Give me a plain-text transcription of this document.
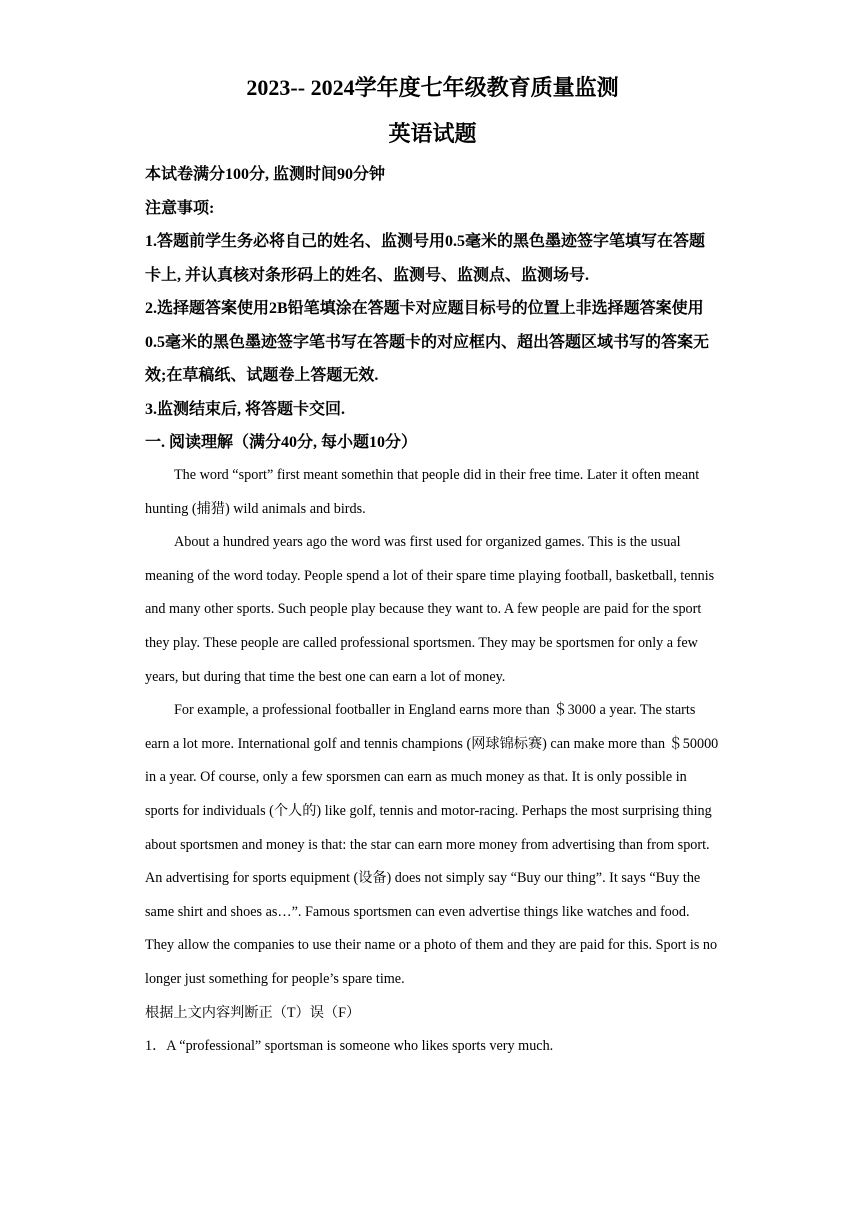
2023-- 2024学年度七年级教育质量监测

英语试题

本试卷满分100分, 监测时间90分钟

注意事项:

1.答题前学生务必将自己的姓名、监测号用0.5毫米的黑色墨迹签字笔填写在答题卡上, 并认真核对条形码上的姓名、监测号、监测点、监测场号.

2.选择题答案使用2B铅笔填涂在答题卡对应题目标号的位置上非选择题答案使用0.5毫米的黑色墨迹签字笔书写在答题卡的对应框内、超出答题区域书写的答案无效;在草稿纸、试题卷上答题无效.

3.监测结束后, 将答题卡交回.

一. 阅读理解（满分40分, 每小题10分）

The word “sport” first meant somethin that people did in their free time. Later it often meant hunting (捕猎) wild animals and birds.

About a hundred years ago the word was first used for organized games. This is the usual meaning of the word today. People spend a lot of their spare time playing football, basketball, tennis and many other sports. Such people play because they want to. A few people are paid for the sport they play. These people are called professional sportsmen. They may be sportsmen for only a few years, but during that time the best one can earn a lot of money.

For example, a professional footballer in England earns more than ＄3000 a year. The starts earn a lot more. International golf and tennis champions (网球锦标赛) can make more than ＄50000 in a year. Of course, only a few sporsmen can earn as much money as that. It is only possible in sports for individuals (个人的) like golf, tennis and motor-racing. Perhaps the most surprising thing about sportsmen and money is that: the star can earn more money from advertising than from sport. An advertising for sports equipment (设备) does not simply say “Buy our thing”. It says “Buy the same shirt and shoes as…”. Famous sportsmen can even advertise things like watches and food. They allow the companies to use their name or a photo of them and they are paid for this. Sport is no longer just something for people’s spare time.

根据上文内容判断正（T）误（F）

1．A “professional” sportsman is someone who likes sports very much.
